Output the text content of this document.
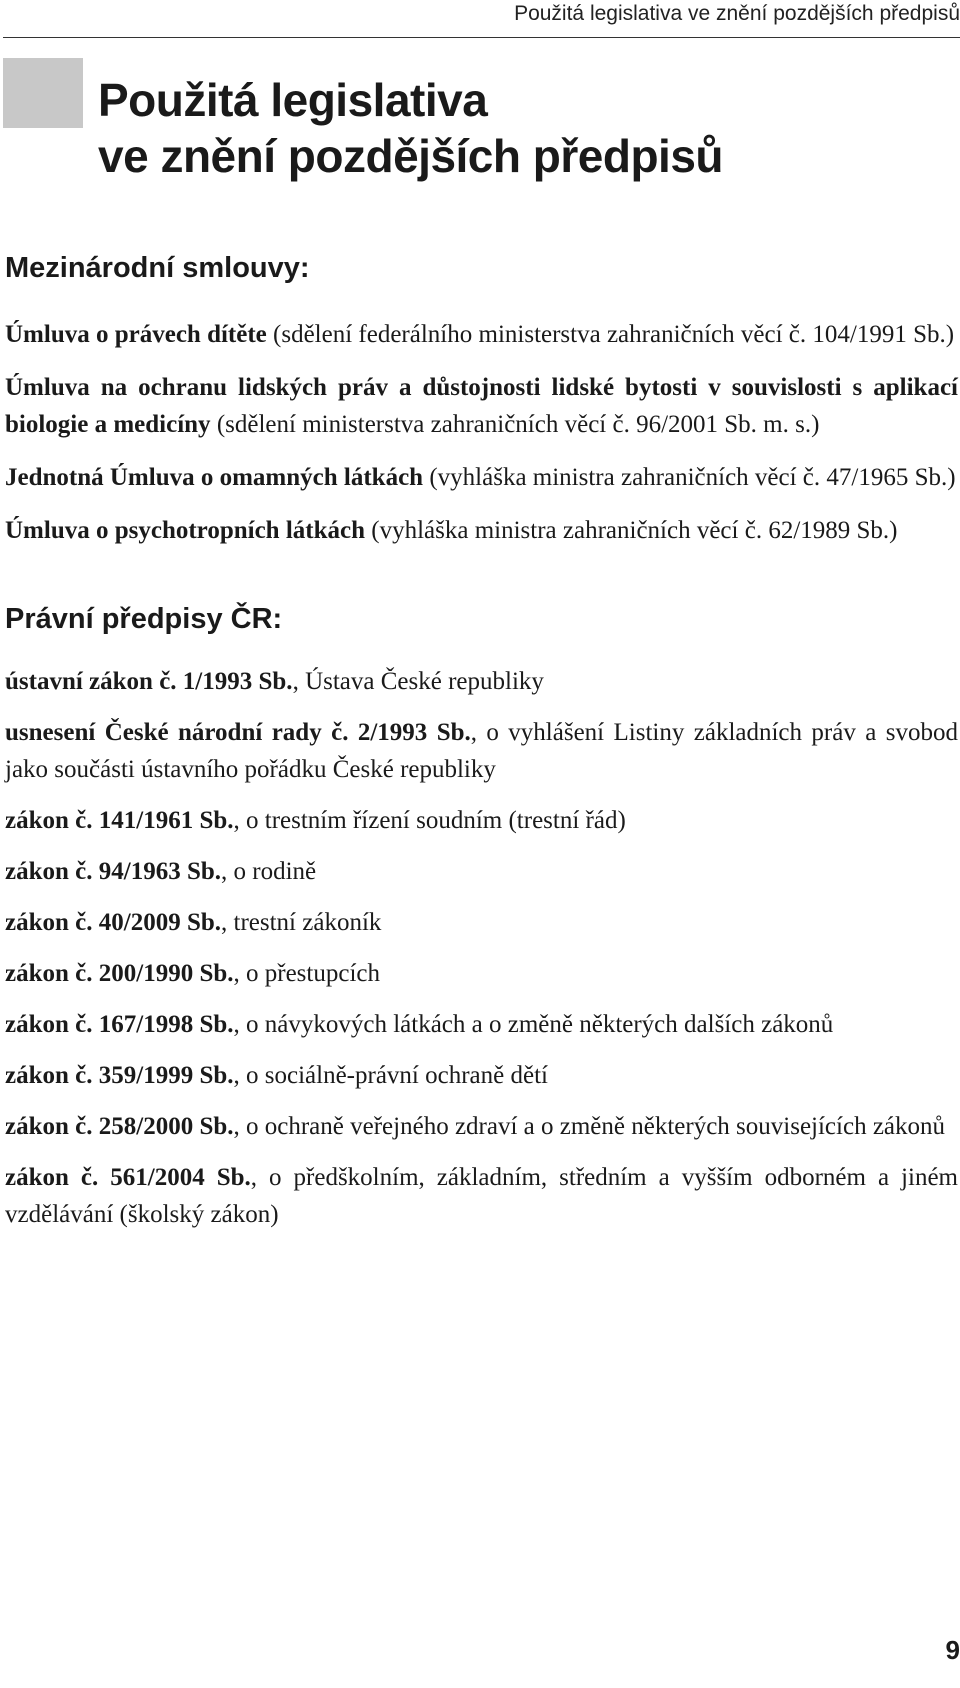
Použitá legislativa ve znění pozdějších předpisů
Použitá legislativa
ve znění pozdějších předpisů
Mezinárodní smlouvy:

Úmluva o právech dítěte (sdělení federálního ministerstva zahraničních věcí č. 104/1991 Sb.)

Úmluva na ochranu lidských práv a důstojnosti lidské bytosti v souvislosti s aplikací biologie a medicíny (sdělení ministerstva zahraničních věcí č. 96/2001 Sb. m. s.)

Jednotná Úmluva o omamných látkách (vyhláška ministra zahraničních věcí č. 47/1965 Sb.)

Úmluva o psychotropních látkách (vyhláška ministra zahraničních věcí č. 62/1989 Sb.)

Právní předpisy ČR:

ústavní zákon č. 1/1993 Sb., Ústava České republiky

usnesení České národní rady č. 2/1993 Sb., o vyhlášení Listiny základních práv a svobod jako součásti ústavního pořádku České republiky

zákon č. 141/1961 Sb., o trestním řízení soudním (trestní řád)

zákon č. 94/1963 Sb., o rodině

zákon č. 40/2009 Sb., trestní zákoník

zákon č. 200/1990 Sb., o přestupcích

zákon č. 167/1998 Sb., o návykových látkách a o změně některých dalších zákonů

zákon č. 359/1999 Sb., o sociálně-právní ochraně dětí

zákon č. 258/2000 Sb., o ochraně veřejného zdraví a o změně některých souvisejících zákonů

zákon č. 561/2004 Sb., o předškolním, základním, středním a vyšším odborném a jiném vzdělávání (školský zákon)

9
